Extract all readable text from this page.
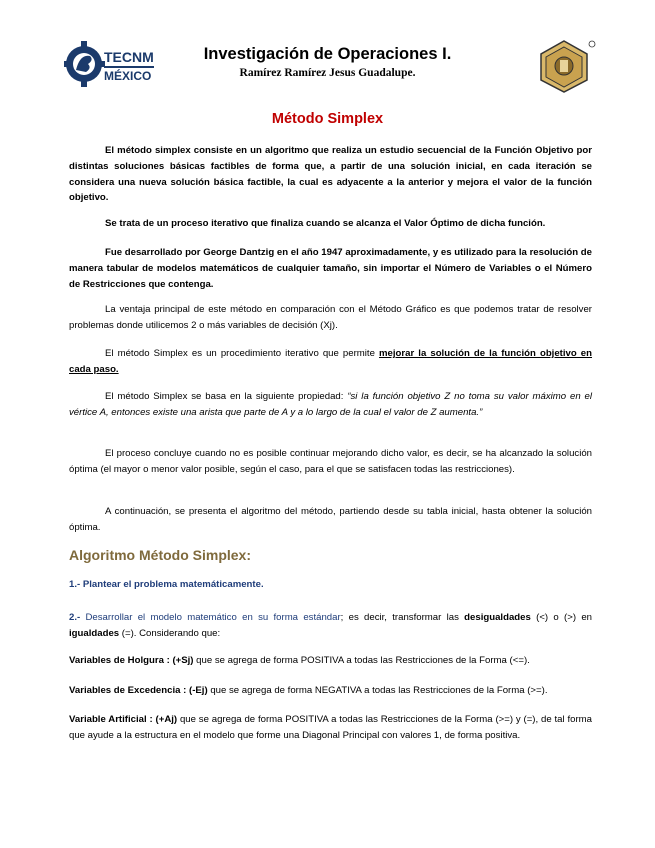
TECNM
MÉXICO
Investigación de Operaciones I.
Ramírez Ramírez Jesus Guadalupe.
Método Simplex

El método simplex consiste en un algoritmo que realiza un estudio secuencial de la Función Objetivo por distintas soluciones básicas factibles de forma que, a partir de una solución inicial, en cada iteración se considera una nueva solución básica factible, la cual es adyacente a la anterior y mejora el valor de la función objetivo.

Se trata de un proceso iterativo que finaliza cuando se alcanza el Valor Óptimo de dicha función.

Fue desarrollado por George Dantzig en el año 1947 aproximadamente, y es utilizado para la resolución de manera tabular de modelos matemáticos de cualquier tamaño, sin importar el Número de Variables o el Número de Restricciones que contenga.

La ventaja principal de este método en comparación con el Método Gráfico es que podemos tratar de resolver problemas donde utilicemos 2 o más variables de decisión (Xj).

El método Simplex es un procedimiento iterativo que permite mejorar la solución de la función objetivo en cada paso.

El método Simplex se basa en la siguiente propiedad: “si la función objetivo Z no toma su valor máximo en el vértice A, entonces existe una arista que parte de A y a lo largo de la cual el valor de Z aumenta.”

El proceso concluye cuando no es posible continuar mejorando dicho valor, es decir, se ha alcanzado la solución óptima (el mayor o menor valor posible, según el caso, para el que se satisfacen todas las restricciones).

A continuación, se presenta el algoritmo del método, partiendo desde su tabla inicial, hasta obtener la solución óptima.

Algoritmo Método Simplex:

1.- Plantear el problema matemáticamente.

2.- Desarrollar el modelo matemático en su forma estándar; es decir, transformar las desigualdades (<) o (>) en igualdades (=). Considerando que:

Variables de Holgura : (+Sj) que se agrega de forma POSITIVA a todas las Restricciones de la Forma (<=).

Variables de Excedencia : (-Ej) que se agrega de forma NEGATIVA a todas las Restricciones de la Forma (>=).

Variable Artificial : (+Aj) que se agrega de forma POSITIVA a todas las Restricciones de la Forma (>=) y (=), de tal forma que ayude a la estructura en el modelo que forme una Diagonal Principal con valores 1, de forma positiva.
